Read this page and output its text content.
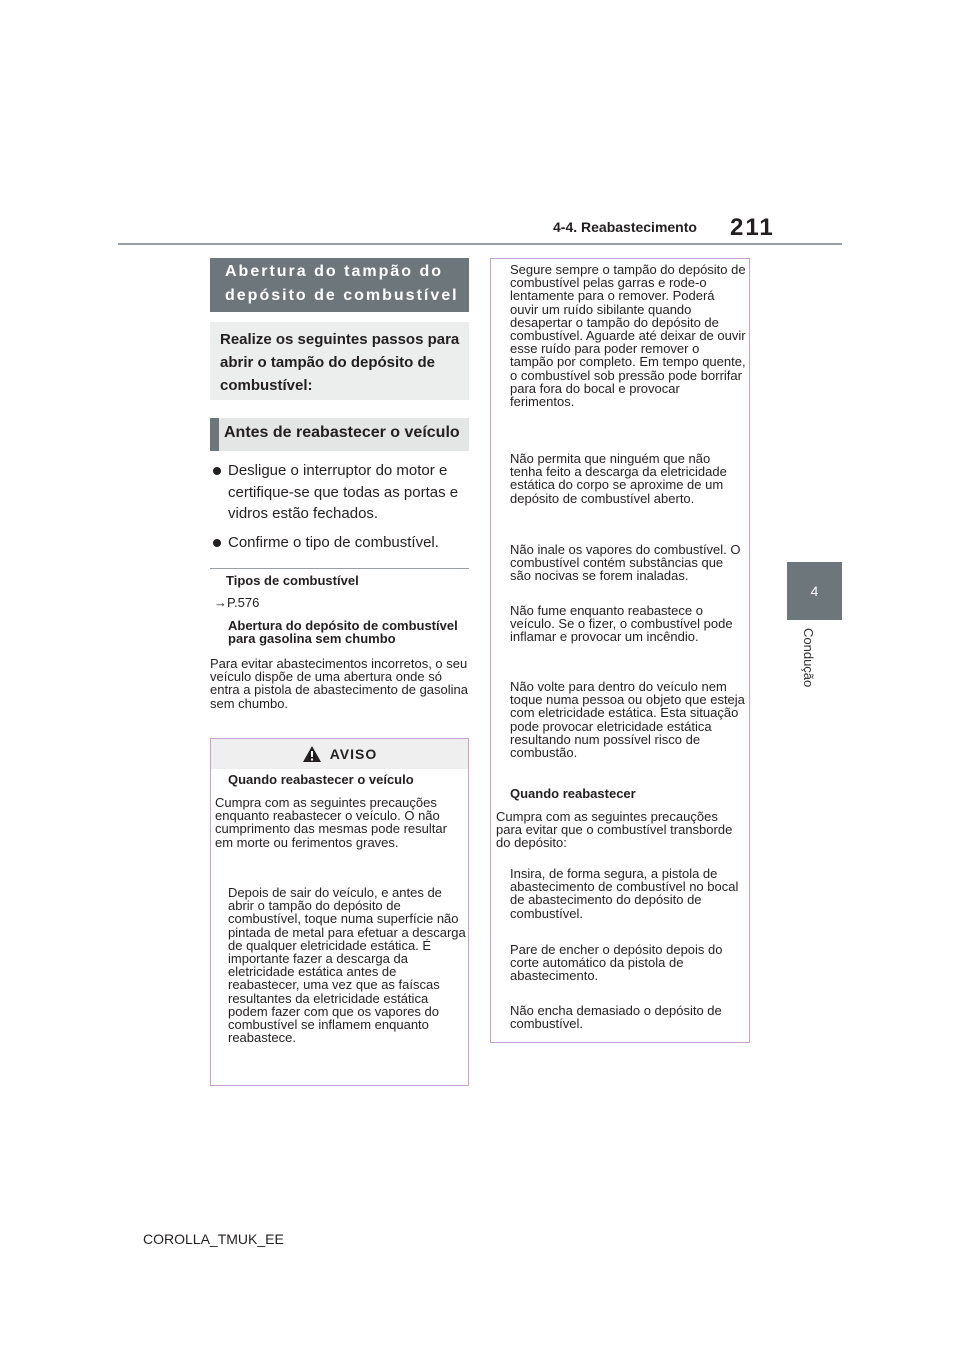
4-4. Reabastecimento 211
4
Condução
Abertura do tampão do depósito de combustível
Realize os seguintes passos para abrir o tampão do depósito de combustível:
Antes de reabastecer o veículo
Desligue o interruptor do motor e certifique-se que todas as portas e vidros estão fechados.
Confirme o tipo de combustível.
Tipos de combustível
→P.576
Abertura do depósito de combustível para gasolina sem chumbo
Para evitar abastecimentos incorretos, o seu veículo dispõe de uma abertura onde só entra a pistola de abastecimento de gasolina sem chumbo.
AVISO
Quando reabastecer o veículo
Cumpra com as seguintes precauções enquanto reabastecer o veículo. O não cumprimento das mesmas pode resultar em morte ou ferimentos graves.
Depois de sair do veículo, e antes de abrir o tampão do depósito de combustível, toque numa superfície não pintada de metal para efetuar a descarga de qualquer eletricidade estática. É importante fazer a descarga da eletricidade estática antes de reabastecer, uma vez que as faíscas resultantes da eletricidade estática podem fazer com que os vapores do combustível se inflamem enquanto reabastece.
Segure sempre o tampão do depósito de combustível pelas garras e rode-o lentamente para o remover. Poderá ouvir um ruído sibilante quando desapertar o tampão do depósito de combustível. Aguarde até deixar de ouvir esse ruído para poder remover o tampão por completo. Em tempo quente, o combustível sob pressão pode borrifar para fora do bocal e provocar ferimentos.
Não permita que ninguém que não tenha feito a descarga da eletricidade estática do corpo se aproxime de um depósito de combustível aberto.
Não inale os vapores do combustível. O combustível contém substâncias que são nocivas se forem inaladas.
Não fume enquanto reabastece o veículo. Se o fizer, o combustível pode inflamar e provocar um incêndio.
Não volte para dentro do veículo nem toque numa pessoa ou objeto que esteja com eletricidade estática. Esta situação pode provocar eletricidade estática resultando num possível risco de combustão.
Quando reabastecer
Cumpra com as seguintes precauções para evitar que o combustível transborde do depósito:
Insira, de forma segura, a pistola de abastecimento de combustível no bocal de abastecimento do depósito de combustível.
Pare de encher o depósito depois do corte automático da pistola de abastecimento.
Não encha demasiado o depósito de combustível.
COROLLA_TMUK_EE
